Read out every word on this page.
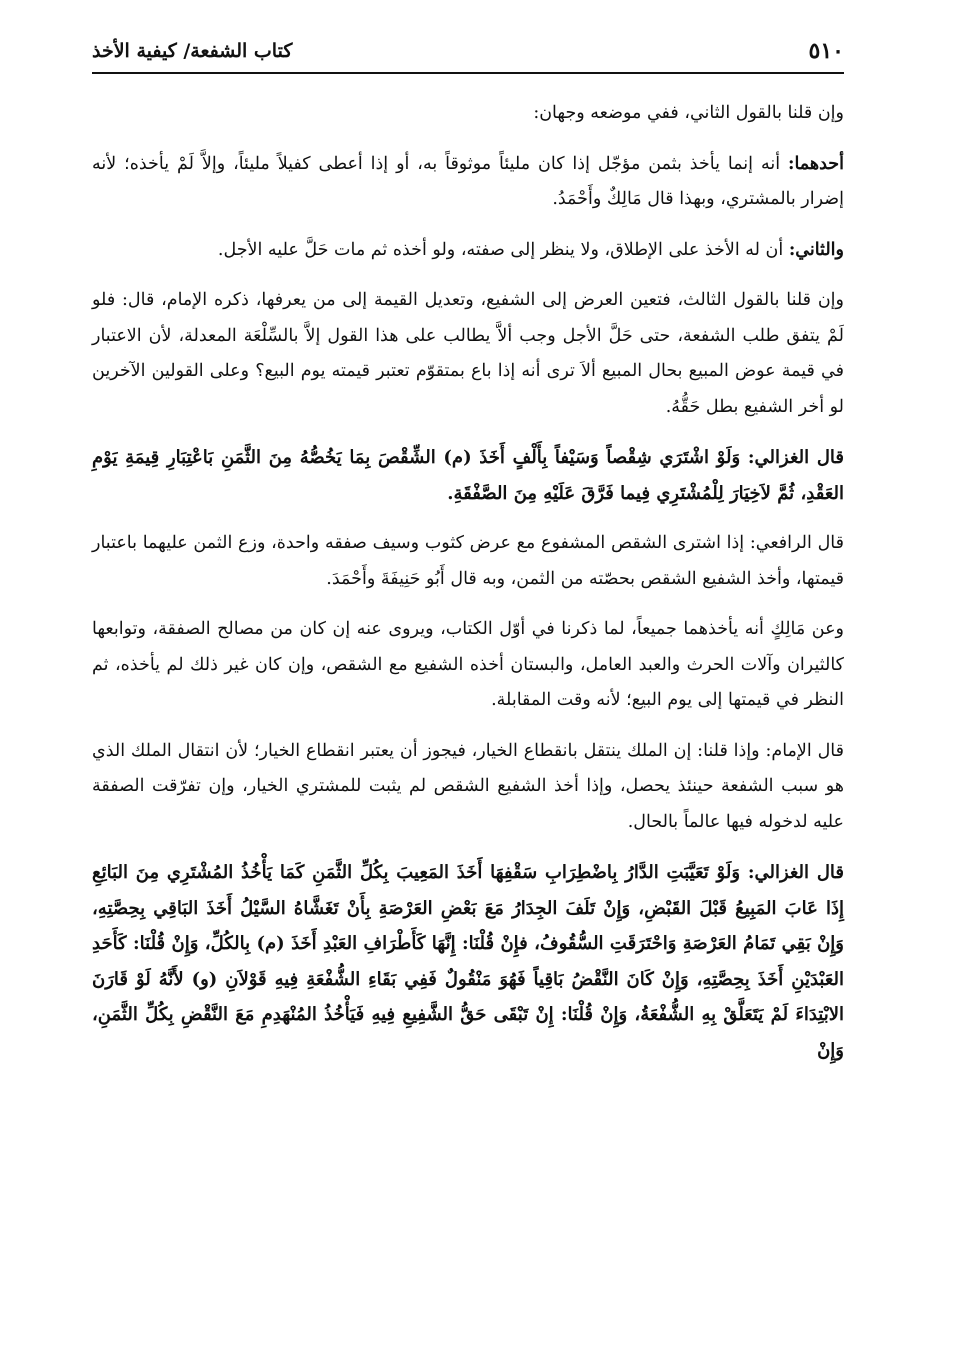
٥١٠
كتاب الشفعة/ كيفية الأخذ

وإن قلنا بالقول الثاني، ففي موضعه وجهان:

أحدهما: أنه إنما يأخذ بثمن مؤجّل إذا كان مليئاً موثوقاً به، أو إذا أعطى كفيلاً مليئاً، وإلاَّ لَمْ يأخذه؛ لأنه إضرار بالمشتري، وبهذا قال مَالِكٌ وأَحْمَدُ.

والثاني: أن له الأخذ على الإطلاق، ولا ينظر إلى صفته، ولو أخذه ثم مات حَلَّ عليه الأجل.

وإن قلنا بالقول الثالث، فتعين العرض إلى الشفيع، وتعديل القيمة إلى من يعرفها، ذكره الإمام، قال: فلو لَمْ يتفق طلب الشفعة، حتى حَلَّ الأجل وجب ألاَّ يطالب على هذا القول إلاَّ بالسِّلْعَة المعدلة، لأن الاعتبار في قيمة عوض المبيع بحال المبيع ألاَ ترى أنه إذا باع بمتقوّم تعتبر قيمته يوم البيع؟ وعلى القولين الآخرين لو أخر الشفيع بطل حَقُّهُ.

قال الغزالي: وَلَوْ اشْتَرَي شِقْصاً وَسَيْفاً بِأَلْفٍ أَخَذَ (م) الشِّقْصَ بِمَا يَخُصُّهُ مِنَ الثَّمَنِ بَاعْتِبَارِ قِيمَةِ يَوْمِ العَقْدِ، ثُمَّ لاَخِيَارَ لِلْمُشْتَرِي فِيما فَرَّقَ عَلَيْهِ مِنَ الصَّفْقَةِ.

قال الرافعي: إذا اشترى الشقص المشفوع مع عرض كثوب وسيف صفقه واحدة، وزع الثمن عليهما باعتبار قيمتها، وأخذ الشفيع الشقص بحصّته من الثمن، وبه قال أَبُو حَنِيفَةَ وأَحْمَدَ.

وعن مَالِكٍ أنه يأخذهما جميعاً، لما ذكرنا في أوّل الكتاب، ويروى عنه إن كان من مصالح الصفقة، وتوابعها كالثيران وآلات الحرث والعبد العامل، والبستان أخذه الشفيع مع الشقص، وإن كان غير ذلك لم يأخذه، ثم النظر في قيمتها إلى يوم البيع؛ لأنه وقت المقابلة.

قال الإمام: وإذا قلنا: إن الملك ينتقل بانقطاع الخيار، فيجوز أن يعتبر انقطاع الخيار؛ لأن انتقال الملك الذي هو سبب الشفعة حينئذ يحصل، وإذا أخذ الشفيع الشقص لم يثبت للمشتري الخيار، وإن تفرّقت الصفقة عليه لدخوله فيها عالماً بالحال.

قال الغزالي: وَلَوْ تَعَيَّبَتِ الدَّارُ بِاضْطِرَابِ سَقْفِهَا أَخَذَ المَعِيبَ بِكُلِّ الثَّمَنِ كَمَا يَأْخُذُ المُشْتَرِي مِنَ البَائِعِ إِذَا عَابَ المَبِيعُ قَبْلَ القَبْضِ، وَإِنْ تَلَفَ الجِدَارُ مَعَ بَعْضِ العَرْصَةِ بِأَنْ تَغَشَّاهُ السَّيْلُ أَخَذَ البَاقِي بِحِصَّتِهِ، وَإِنْ بَقِي تَمَامُ العَرْصَةِ وَاحْتَرَقَتِ السُّقُوفُ، فإِنْ قُلْنَا: إِنَّهَا كَأَطْرَافِ العَبْدِ أَخَذَ (م) بِالكُلِّ، وَإِنْ قُلْنَا: كَأَحَدِ العَبْدَيْنِ أَخَذَ بِحِصَّتِهِ، وَإِنْ كَانَ النَّقْضُ بَاقِياً فَهُوَ مَنْقُولٌ فَفِي بَقَاءِ الشُّفْعَةِ فِيهِ قَوْلاَنِ (و) لأَنَّهُ لَوْ قَارَنَ الابْتِدَاءَ لَمْ يَتَعَلَّقْ بِهِ الشُّفْعَةُ، وَإِنْ قُلْنَا: إِنْ تَبْقَى حَقُّ الشَّفِيعِ فِيهِ فَيَأْخُذُ المُنْهَدِمِ مَعَ النَّقْضِ بِكُلِّ الثَّمَنِ، وَإِنْ
